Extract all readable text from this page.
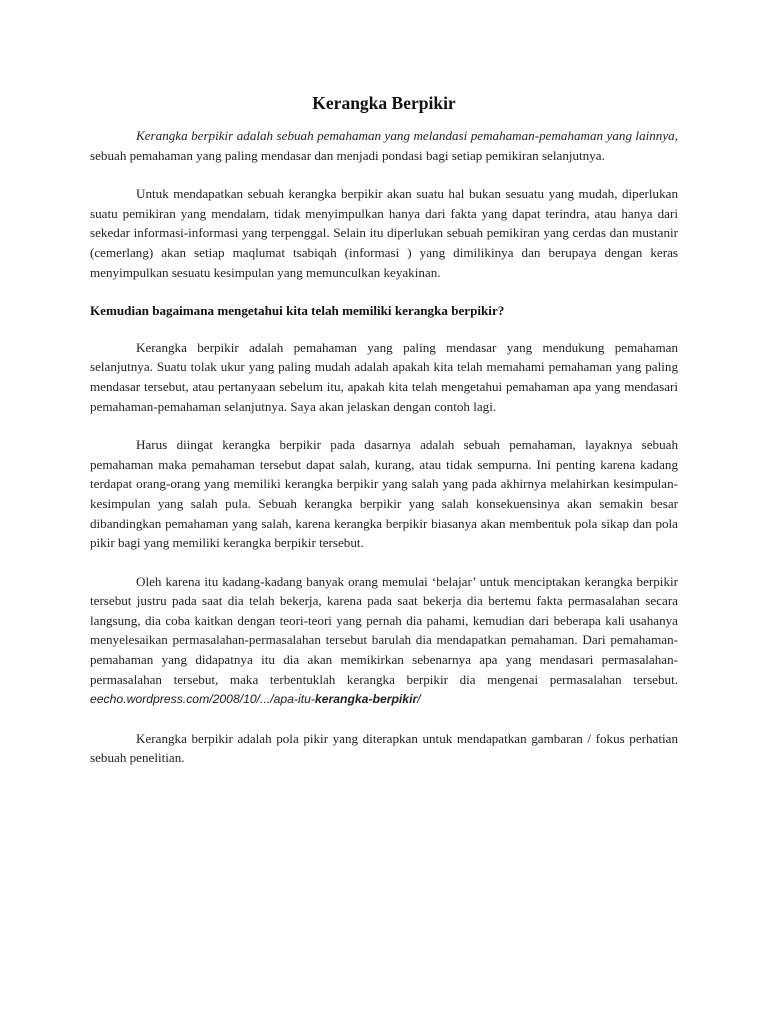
Kerangka Berpikir

Kerangka berpikir adalah sebuah pemahaman yang melandasi pemahaman-pemahaman yang lainnya, sebuah pemahaman yang paling mendasar dan menjadi pondasi bagi setiap pemikiran selanjutnya.

Untuk mendapatkan sebuah kerangka berpikir akan suatu hal bukan sesuatu yang mudah, diperlukan suatu pemikiran yang mendalam, tidak menyimpulkan hanya dari fakta yang dapat terindra, atau hanya dari sekedar informasi-informasi yang terpenggal. Selain itu diperlukan sebuah pemikiran yang cerdas dan mustanir (cemerlang) akan setiap maqlumat tsabiqah (informasi ) yang dimilikinya dan berupaya dengan keras menyimpulkan sesuatu kesimpulan yang memunculkan keyakinan.

Kemudian bagaimana mengetahui kita telah memiliki kerangka berpikir?

Kerangka berpikir adalah pemahaman yang paling mendasar yang mendukung pemahaman selanjutnya. Suatu tolak ukur yang paling mudah adalah apakah kita telah memahami pemahaman yang paling mendasar tersebut, atau pertanyaan sebelum itu, apakah kita telah mengetahui pemahaman apa yang mendasari pemahaman-pemahaman selanjutnya. Saya akan jelaskan dengan contoh lagi.

Harus diingat kerangka berpikir pada dasarnya adalah sebuah pemahaman, layaknya sebuah pemahaman maka pemahaman tersebut dapat salah, kurang, atau tidak sempurna. Ini penting karena kadang terdapat orang-orang yang memiliki kerangka berpikir yang salah yang pada akhirnya melahirkan kesimpulan-kesimpulan yang salah pula. Sebuah kerangka berpikir yang salah konsekuensinya akan semakin besar dibandingkan pemahaman yang salah, karena kerangka berpikir biasanya akan membentuk pola sikap dan pola pikir bagi yang memiliki kerangka berpikir tersebut.

Oleh karena itu kadang-kadang banyak orang memulai ‘belajar’ untuk menciptakan kerangka berpikir tersebut justru pada saat dia telah bekerja, karena pada saat bekerja dia bertemu fakta permasalahan secara langsung, dia coba kaitkan dengan teori-teori yang pernah dia pahami, kemudian dari beberapa kali usahanya menyelesaikan permasalahan-permasalahan tersebut barulah dia mendapatkan pemahaman. Dari pemahaman-pemahaman yang didapatnya itu dia akan memikirkan sebenarnya apa yang mendasari permasalahan-permasalahan tersebut, maka terbentuklah kerangka berpikir dia mengenai permasalahan tersebut. eecho.wordpress.com/2008/10/.../apa-itu-kerangka-berpikir/

Kerangka berpikir adalah pola pikir yang diterapkan untuk mendapatkan gambaran / fokus perhatian sebuah penelitian.
